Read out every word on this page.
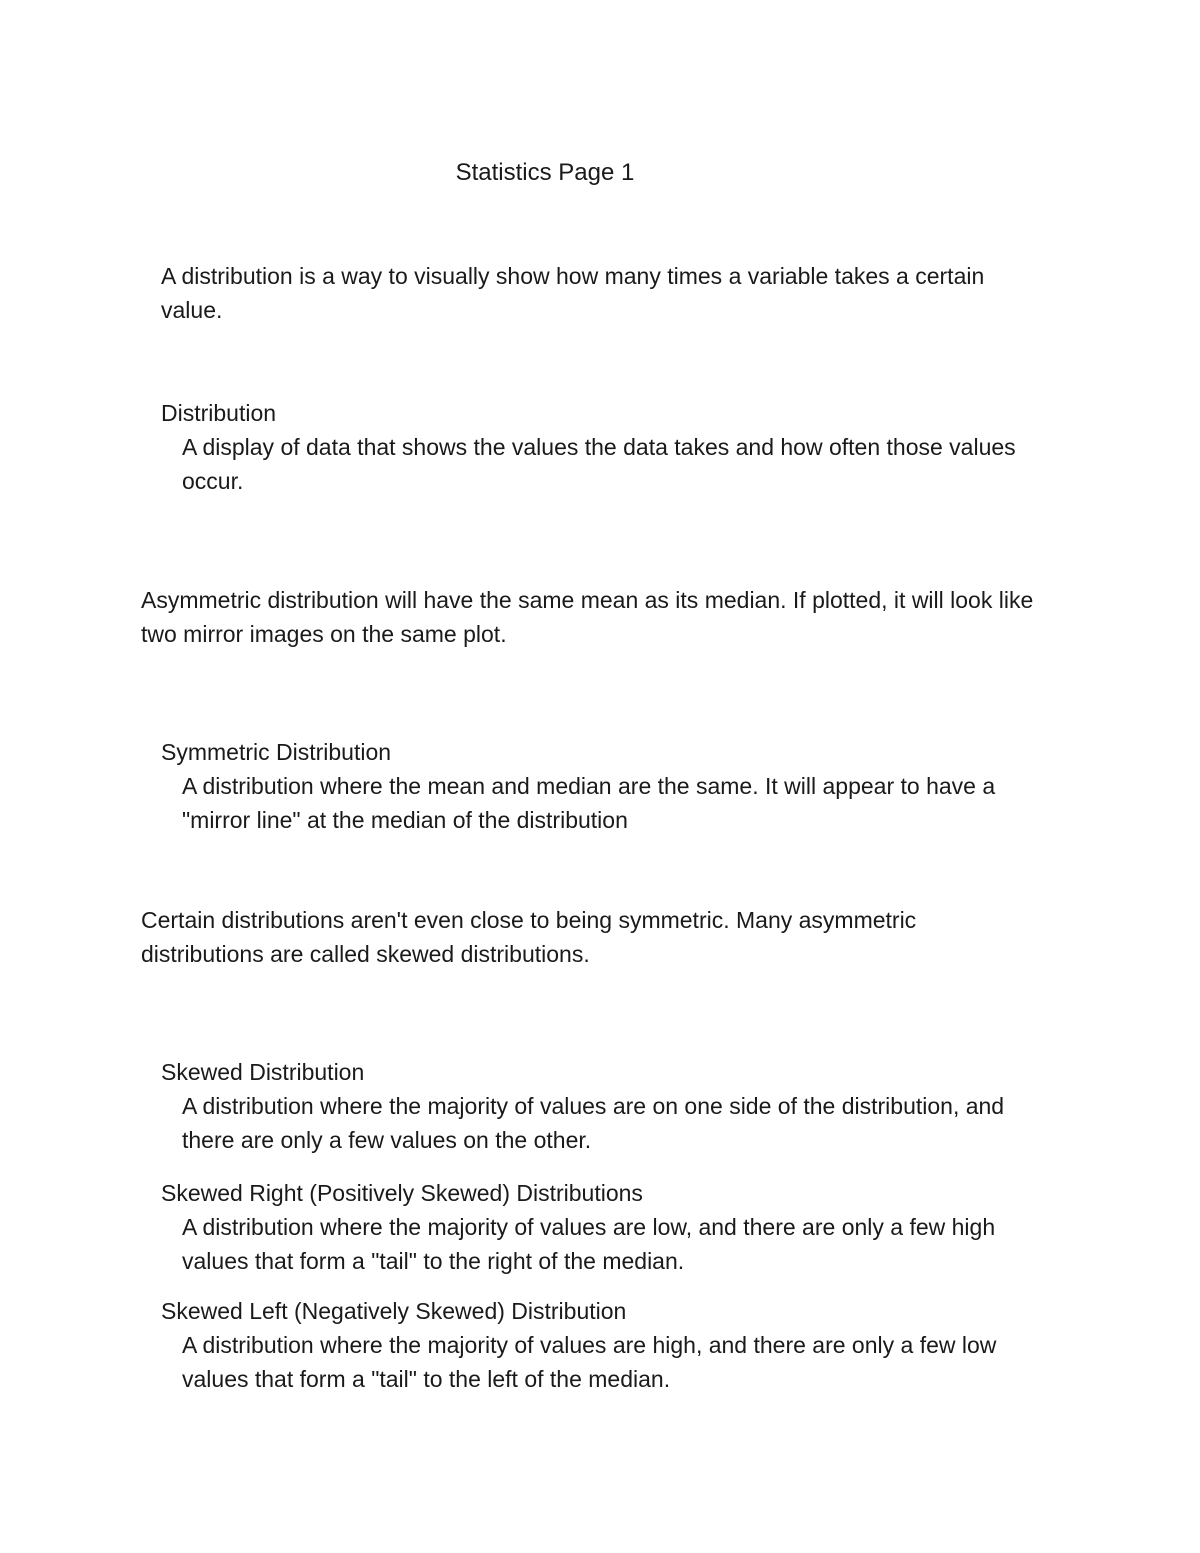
Statistics Page 1

A distribution is a way to visually show how many times a variable takes a certain value.

Distribution
A display of data that shows the values the data takes and how often those values occur.

Asymmetric distribution will have the same mean as its median. If plotted, it will look like two mirror images on the same plot.

Symmetric Distribution
A distribution where the mean and median are the same. It will appear to have a "mirror line" at the median of the distribution

Certain distributions aren't even close to being symmetric. Many asymmetric distributions are called skewed distributions.

Skewed Distribution
A distribution where the majority of values are on one side of the distribution, and there are only a few values on the other.
Skewed Right (Positively Skewed) Distributions
A distribution where the majority of values are low, and there are only a few high values that form a "tail" to the right of the median.
Skewed Left (Negatively Skewed) Distribution
A distribution where the majority of values are high, and there are only a few low values that form a "tail" to the left of the median.
